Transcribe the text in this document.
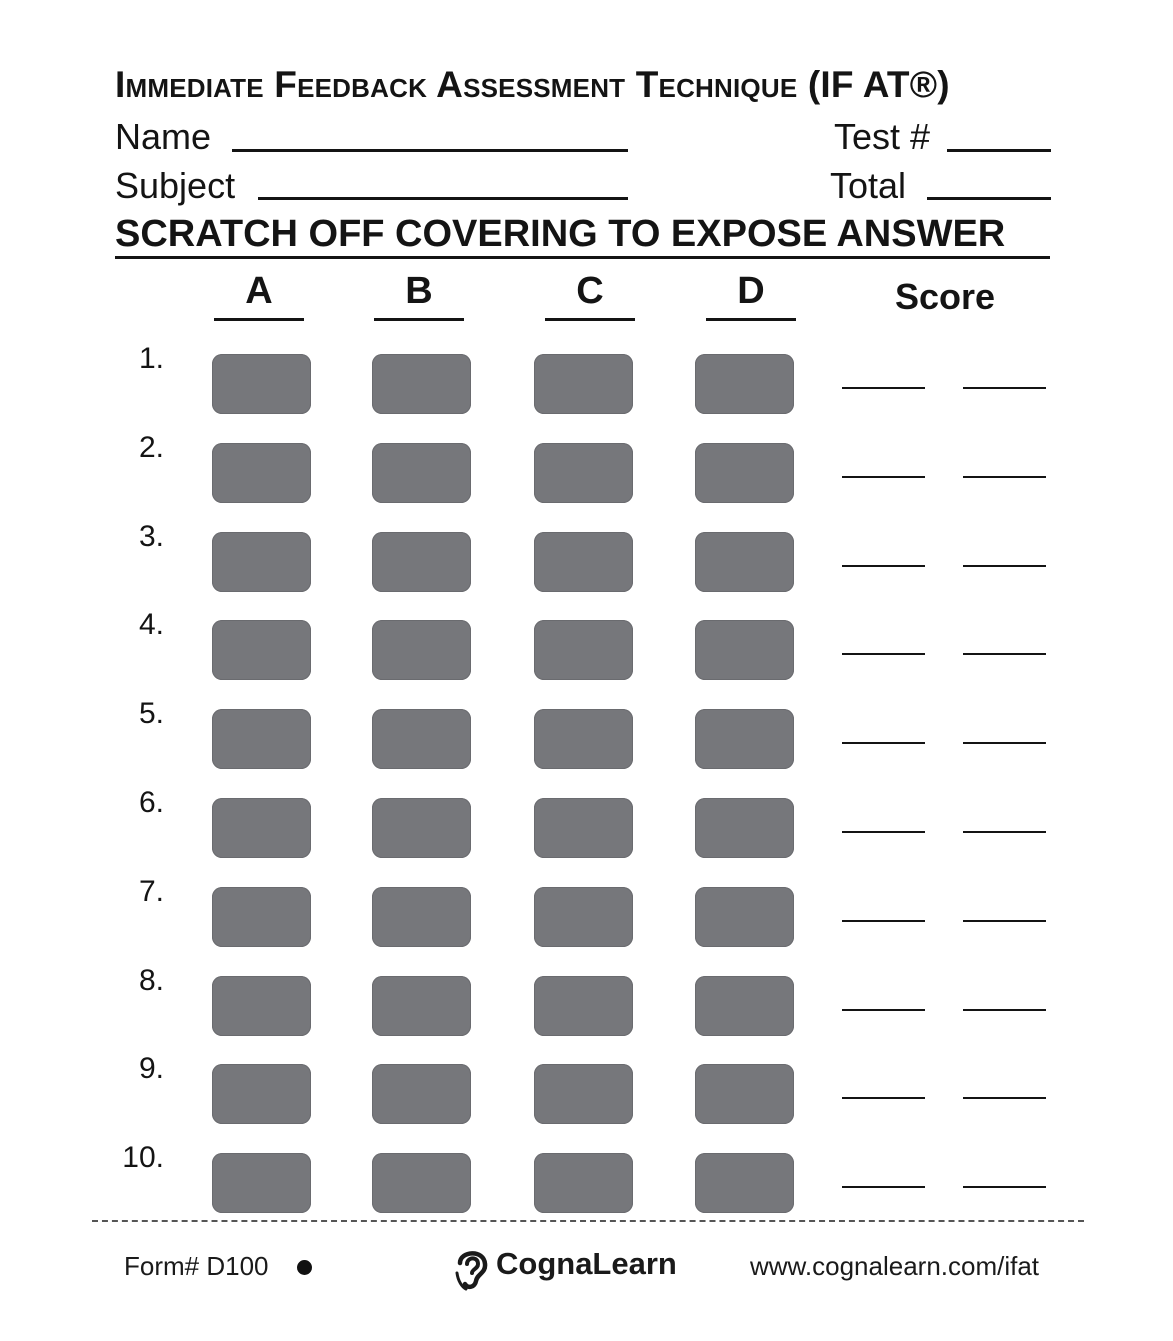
Immediate Feedback Assessment Technique (IF AT®)
Name	Test #
Subject	Total
SCRATCH OFF COVERING TO EXPOSE ANSWER
A	B	C	D	Score
1.
2.
3.
4.
5.
6.
7.
8.
9.
10.
Form# D100	CognaLearn	www.cognalearn.com/ifat
